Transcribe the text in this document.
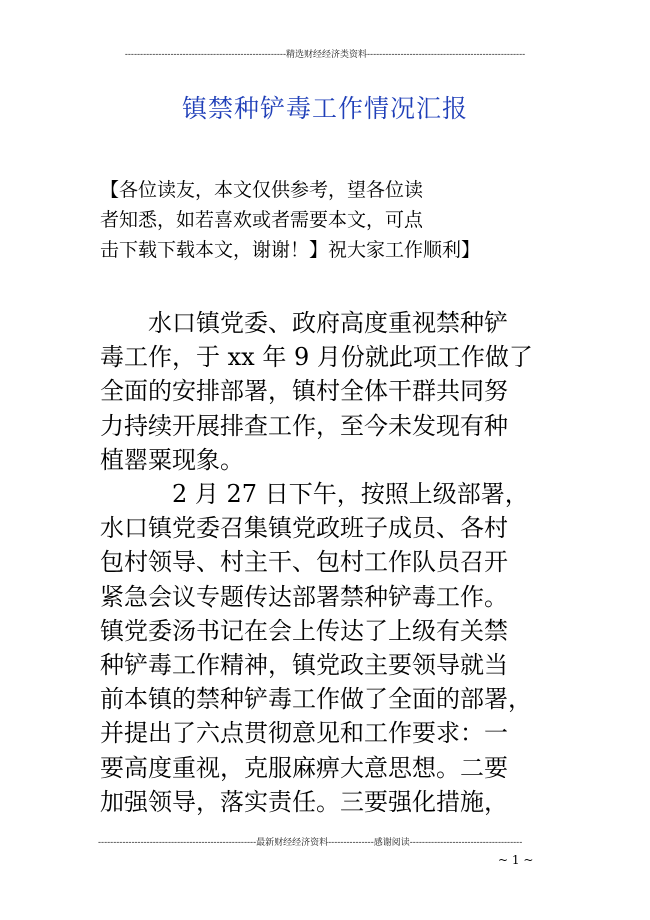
-----------------------------------------------------精选财经经济类资料----------------------------------------------------
镇禁种铲毒工作情况汇报
【各位读友，本文仅供参考，望各位读
者知悉，如若喜欢或者需要本文，可点
击下载下载本文，谢谢！】祝大家工作顺利】
　　水口镇党委、政府高度重视禁种铲
毒工作，于 xx 年 9 月份就此项工作做了
全面的安排部署，镇村全体干群共同努
力持续开展排查工作，至今未发现有种
植罂粟现象。
　　　2 月 27 日下午，按照上级部署，
水口镇党委召集镇党政班子成员、各村
包村领导、村主干、包村工作队员召开
紧急会议专题传达部署禁种铲毒工作。
镇党委汤书记在会上传达了上级有关禁
种铲毒工作精神，镇党政主要领导就当
前本镇的禁种铲毒工作做了全面的部署，
并提出了六点贯彻意见和工作要求：一
要高度重视，克服麻痹大意思想。二要
加强领导，落实责任。三要强化措施，
----------------------------------------------------最新财经经济资料---------------感谢阅读-------------------------------------
~ 1 ~
